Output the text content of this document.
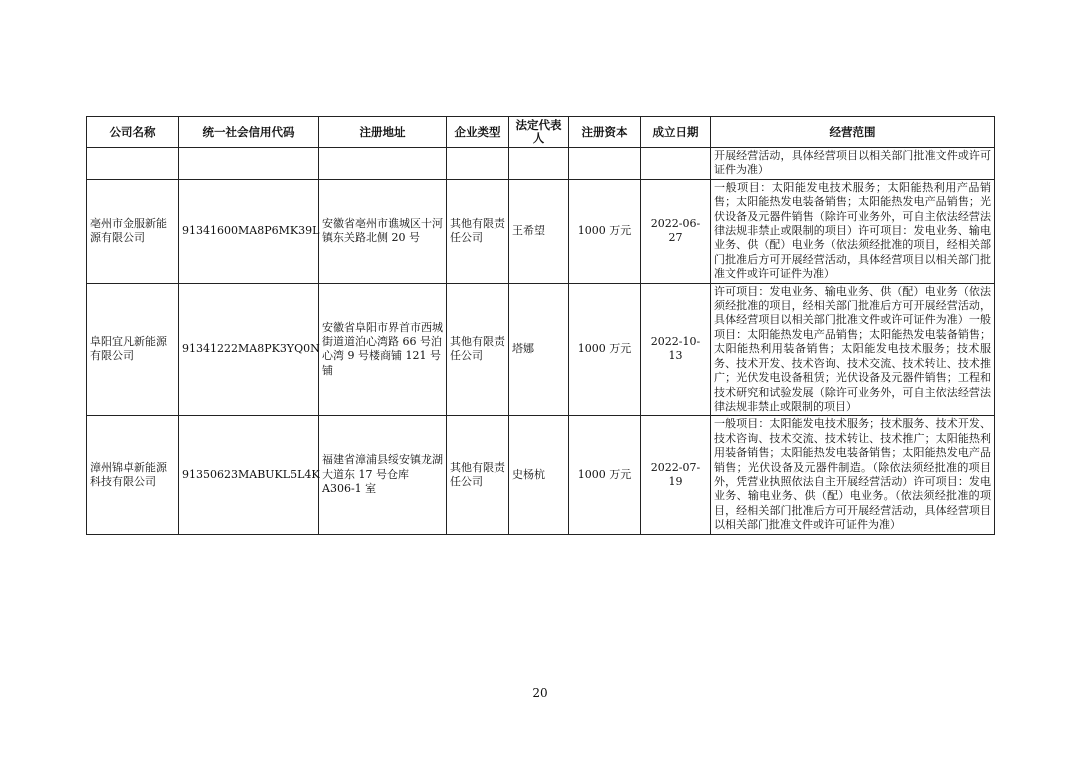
公司名称	统一社会信用代码	注册地址	企业类型	法定代表人	注册资本	成立日期	经营范围
							开展经营活动，具体经营项目以相关部门批准文件或许可证件为准）
亳州市金服新能源有限公司	91341600MA8P6MK39L	安徽省亳州市谯城区十河镇东关路北侧 20 号	其他有限责任公司	王希望	1000 万元	2022-06-27	一般项目：太阳能发电技术服务；太阳能热利用产品销售；太阳能热发电装备销售；太阳能热发电产品销售；光伏设备及元器件销售（除许可业务外，可自主依法经营法律法规非禁止或限制的项目）许可项目：发电业务、输电业务、供（配）电业务（依法须经批准的项目，经相关部门批准后方可开展经营活动，具体经营项目以相关部门批准文件或许可证件为准）
阜阳宜凡新能源有限公司	91341222MA8PK3YQ0N	安徽省阜阳市界首市西城街道道泊心湾路 66 号泊心湾 9 号楼商铺 121 号铺	其他有限责任公司	塔娜	1000 万元	2022-10-13	许可项目：发电业务、输电业务、供（配）电业务（依法须经批准的项目，经相关部门批准后方可开展经营活动，具体经营项目以相关部门批准文件或许可证件为准）一般项目：太阳能热发电产品销售；太阳能热发电装备销售；太阳能热利用装备销售；太阳能发电技术服务；技术服务、技术开发、技术咨询、技术交流、技术转让、技术推广；光伏发电设备租赁；光伏设备及元器件销售；工程和技术研究和试验发展（除许可业务外，可自主依法经营法律法规非禁止或限制的项目）
漳州锦卓新能源科技有限公司	91350623MABUKL5L4K	福建省漳浦县绥安镇龙湖大道东 17 号仓库 A306-1 室	其他有限责任公司	史杨杭	1000 万元	2022-07-19	一般项目：太阳能发电技术服务；技术服务、技术开发、技术咨询、技术交流、技术转让、技术推广；太阳能热利用装备销售；太阳能热发电装备销售；太阳能热发电产品销售；光伏设备及元器件制造。（除依法须经批准的项目外，凭营业执照依法自主开展经营活动）许可项目：发电业务、输电业务、供（配）电业务。（依法须经批准的项目，经相关部门批准后方可开展经营活动，具体经营项目以相关部门批准文件或许可证件为准）
20
